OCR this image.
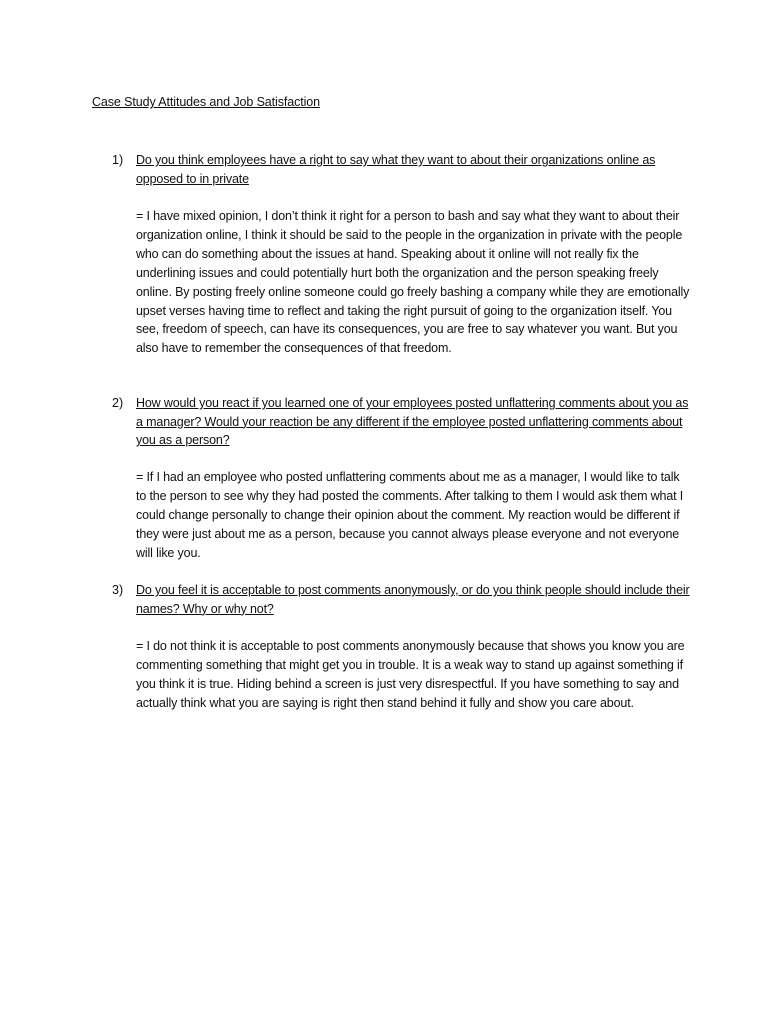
Case Study Attitudes and Job Satisfaction
1) Do you think employees have a right to say what they want to about their organizations online as opposed to in private

= I have mixed opinion, I don’t think it right for a person to bash and say what they want to about their organization online, I think it should be said to the people in the organization in private with the people who can do something about the issues at hand. Speaking about it online will not really fix the underlining issues and could potentially hurt both the organization and the person speaking freely online. By posting freely online someone could go freely bashing a company while they are emotionally upset verses having time to reflect and taking the right pursuit of going to the organization itself. You see, freedom of speech, can have its consequences, you are free to say whatever you want. But you also have to remember the consequences of that freedom.

2) How would you react if you learned one of your employees posted unflattering comments about you as a manager? Would your reaction be any different if the employee posted unflattering comments about you as a person?

= If I had an employee who posted unflattering comments about me as a manager, I would like to talk to the person to see why they had posted the comments. After talking to them I would ask them what I could change personally to change their opinion about the comment. My reaction would be different if they were just about me as a person, because you cannot always please everyone and not everyone will like you.

3) Do you feel it is acceptable to post comments anonymously, or do you think people should include their names? Why or why not?

= I do not think it is acceptable to post comments anonymously because that shows you know you are commenting something that might get you in trouble. It is a weak way to stand up against something if you think it is true. Hiding behind a screen is just very disrespectful. If you have something to say and actually think what you are saying is right then stand behind it fully and show you care about.
